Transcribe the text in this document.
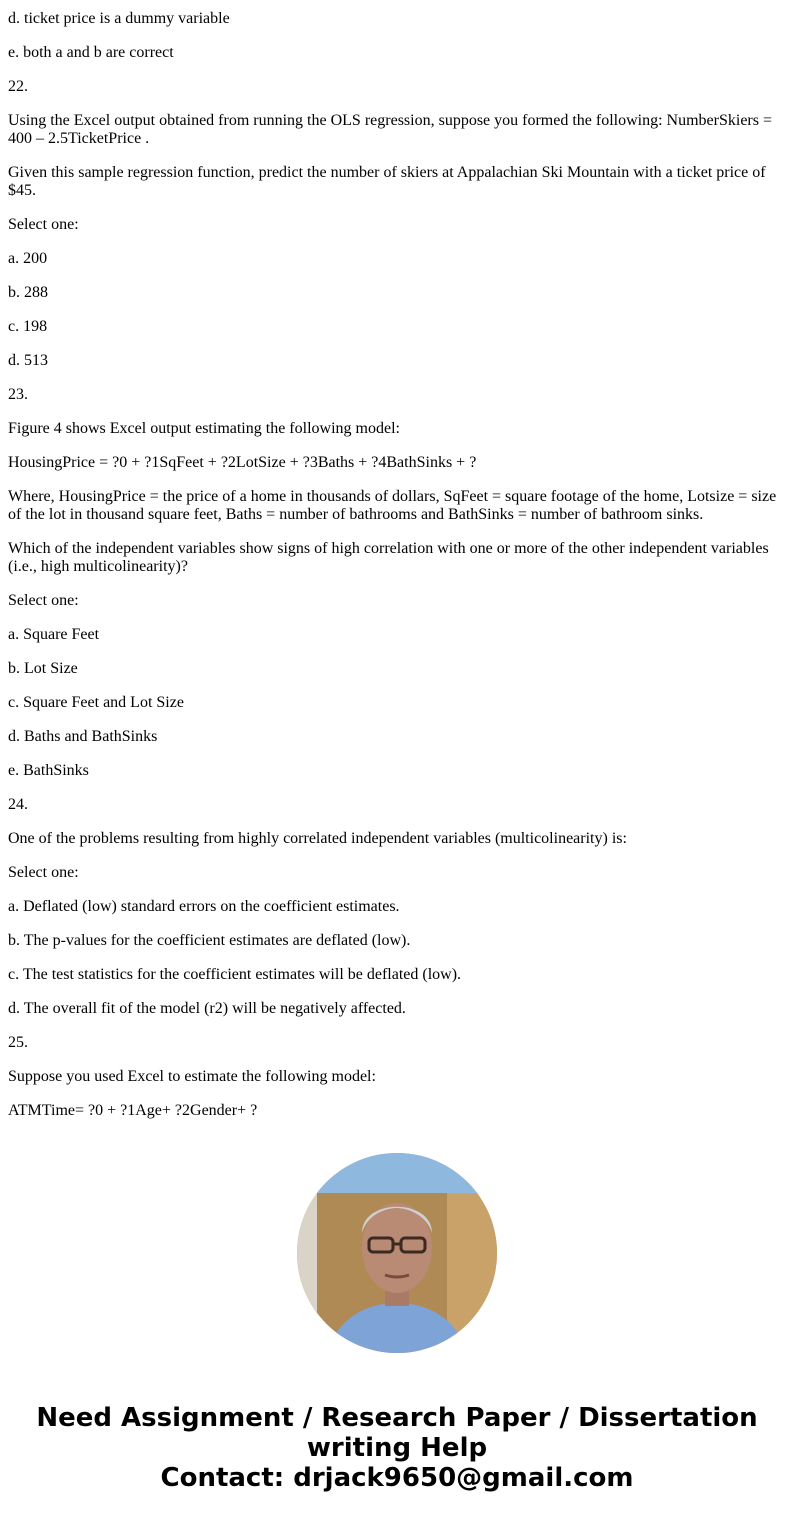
d. ticket price is a dummy variable

e. both a and b are correct

22.

Using the Excel output obtained from running the OLS regression, suppose you formed the following: NumberSkiers = 400 – 2.5TicketPrice .

Given this sample regression function, predict the number of skiers at Appalachian Ski Mountain with a ticket price of $45.

Select one:

a. 200

b. 288

c. 198

d. 513

23.

Figure 4 shows Excel output estimating the following model:

HousingPrice = ?0 + ?1SqFeet + ?2LotSize + ?3Baths + ?4BathSinks + ?

Where, HousingPrice = the price of a home in thousands of dollars, SqFeet = square footage of the home, Lotsize = size of the lot in thousand square feet, Baths = number of bathrooms and BathSinks = number of bathroom sinks.

Which of the independent variables show signs of high correlation with one or more of the other independent variables (i.e., high multicolinearity)?

Select one:

a. Square Feet

b. Lot Size

c. Square Feet and Lot Size

d. Baths and BathSinks

e. BathSinks

24.

One of the problems resulting from highly correlated independent variables (multicolinearity) is:

Select one:

a. Deflated (low) standard errors on the coefficient estimates.

b. The p-values for the coefficient estimates are deflated (low).

c. The test statistics for the coefficient estimates will be deflated (low).

d. The overall fit of the model (r2) will be negatively affected.

25.

Suppose you used Excel to estimate the following model:

ATMTime= ?0 + ?1Age+ ?2Gender+ ?

Need Assignment / Research Paper / Dissertation
writing Help
Contact: drjack9650@gmail.com
